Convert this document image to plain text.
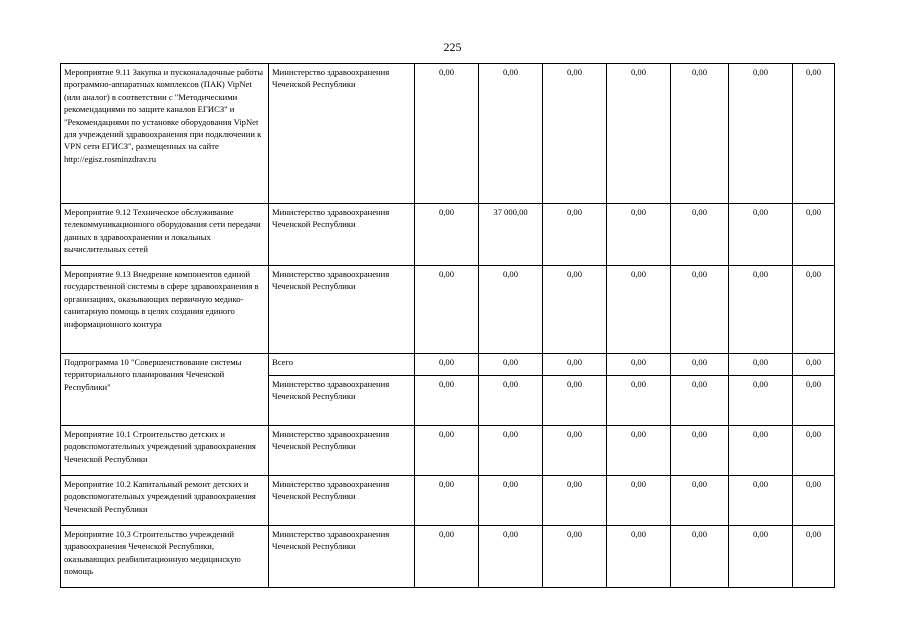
225
Мероприятие 9.11 Закупка и пусконаладочные работы программно-аппаратных комплексов (ПАК) VipNet (или аналог) в соответствии с "Методическими рекомендациями по защите каналов ЕГИСЗ" и "Рекомендациями по установке оборудования VipNet для учреждений здравоохранения при подключении к VPN сети ЕГИСЗ", размещенных на сайте http://egisz.rosminzdrav.ru	Министерство здравоохранения Чеченской Республики	0,00	0,00	0,00	0,00	0,00	0,00	0,00
Мероприятие 9.12 Техническое обслуживание телекоммуникационного оборудования сети передачи данных в здравоохранении и локальных вычислительных сетей	Министерство здравоохранения Чеченской Республики	0,00	37 000,00	0,00	0,00	0,00	0,00	0,00
Мероприятие 9.13 Внедрение компонентов единой государственной системы в сфере здравоохранения в организациях, оказывающих первичную медико-санитарную помощь в целях создания единого информационного контура	Министерство здравоохранения Чеченской Республики	0,00	0,00	0,00	0,00	0,00	0,00	0,00
Подпрограмма 10 "Совершенствование системы территориального планирования Чеченской Республики"	Всего	0,00	0,00	0,00	0,00	0,00	0,00	0,00
	Министерство здравоохранения Чеченской Республики	0,00	0,00	0,00	0,00	0,00	0,00	0,00
Мероприятие 10.1 Строительство детских и родовспомогательных учреждений здравоохранения Чеченской Республики	Министерство здравоохранения Чеченской Республики	0,00	0,00	0,00	0,00	0,00	0,00	0,00
Мероприятие 10.2 Капитальный ремонт детских и родовспомогательных учреждений здравоохранения Чеченской Республики	Министерство здравоохранения Чеченской Республики	0,00	0,00	0,00	0,00	0,00	0,00	0,00
Мероприятие 10.3 Строительство учреждений здравоохранения Чеченской Республики, оказывающих реабилитационную медицинскую помощь	Министерство здравоохранения Чеченской Республики	0,00	0,00	0,00	0,00	0,00	0,00	0,00
